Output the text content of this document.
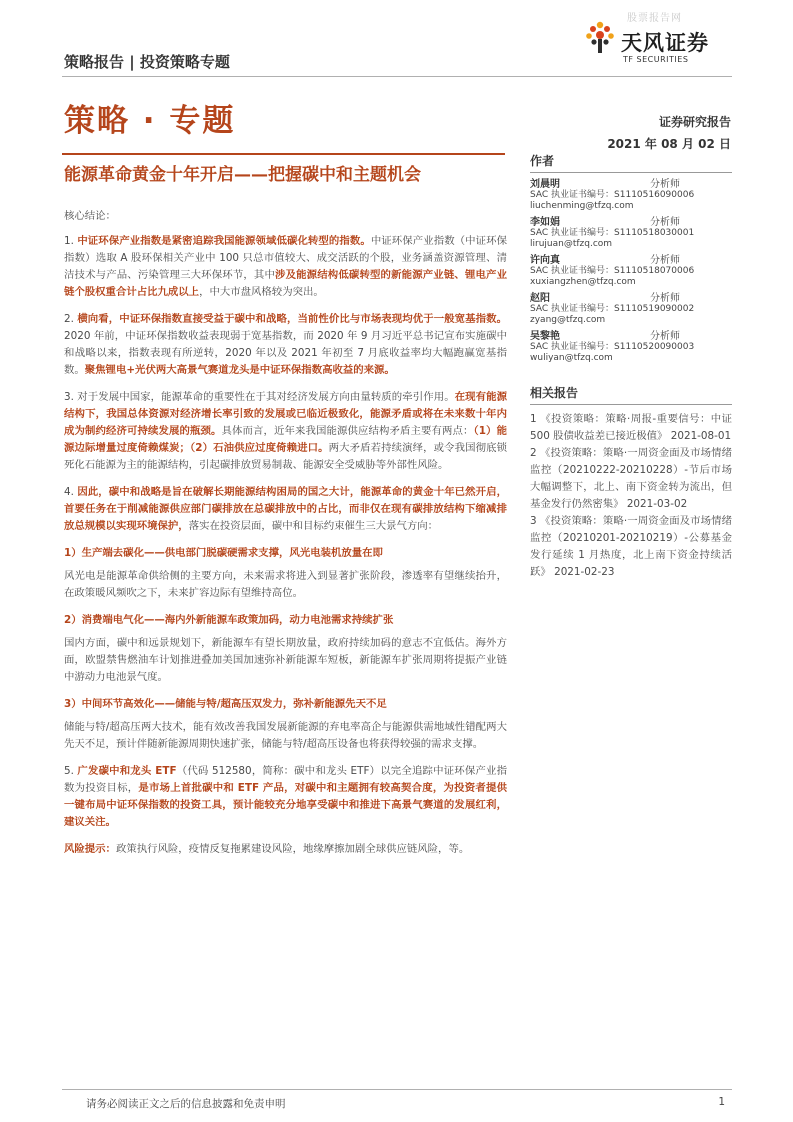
股票报告网
天风证券
TF SECURITIES
策略报告 | 投资策略专题
策略 · 专题	证券研究报告
2021 年 08 月 02 日
能源革命黄金十年开启——把握碳中和主题机会

核心结论：

1. 中证环保产业指数是紧密追踪我国能源领域低碳化转型的指数。中证环保产业指数（中证环保指数）选取 A 股环保相关产业中 100 只总市值较大、成交活跃的个股，业务涵盖资源管理、清洁技术与产品、污染管理三大环保环节，其中涉及能源结构低碳转型的新能源产业链、锂电产业链个股权重合计占比九成以上，中大市盘风格较为突出。

2. 横向看，中证环保指数直接受益于碳中和战略，当前性价比与市场表现均优于一般宽基指数。2020 年前，中证环保指数收益表现弱于宽基指数，而 2020 年 9 月习近平总书记宣布实施碳中和战略以来，指数表现有所逆转，2020 年以及 2021 年初至 7 月底收益率均大幅跑赢宽基指数。聚焦锂电+光伏两大高景气赛道龙头是中证环保指数高收益的来源。

3. 对于发展中国家，能源革命的重要性在于其对经济发展方向由量转质的牵引作用。在现有能源结构下，我国总体资源对经济增长率引致的发展或已临近极致化，能源矛盾或将在未来数十年内成为制约经济可持续发展的瓶颈。具体而言，近年来我国能源供应结构矛盾主要有两点：（1）能源边际增量过度倚赖煤炭；（2）石油供应过度倚赖进口。两大矛盾若持续演绎，或令我国彻底锁死化石能源为主的能源结构，引起碳排放贸易制裁、能源安全受威胁等外部性风险。

4. 因此，碳中和战略是旨在破解长期能源结构困局的国之大计，能源革命的黄金十年已然开启，首要任务在于削减能源供应部门碳排放在总碳排放中的占比，而非仅在现有碳排放结构下缩减排放总规模以实现环境保护，落实在投资层面，碳中和目标约束催生三大景气方向：

1）生产端去碳化——供电部门脱碳硬需求支撑，风光电装机放量在即

风光电是能源革命供给侧的主要方向，未来需求将进入到显著扩张阶段，渗透率有望继续抬升，在政策暖风频吹之下，未来扩容边际有望维持高位。

2）消费端电气化——海内外新能源车政策加码，动力电池需求持续扩张

国内方面，碳中和远景规划下，新能源车有望长期放量，政府持续加码的意志不宜低估。海外方面，欧盟禁售燃油车计划推进叠加美国加速弥补新能源车短板，新能源车扩张周期将提振产业链中游动力电池景气度。

3）中间环节高效化——储能与特/超高压双发力，弥补新能源先天不足

储能与特/超高压两大技术，能有效改善我国发展新能源的弃电率高企与能源供需地域性错配两大先天不足，预计伴随新能源周期快速扩张，储能与特/超高压设备也将获得较强的需求支撑。

5. 广发碳中和龙头 ETF（代码 512580，简称：碳中和龙头 ETF）以完全追踪中证环保产业指数为投资目标，是市场上首批碳中和 ETF 产品，对碳中和主题拥有较高契合度，为投资者提供一键布局中证环保指数的投资工具，预计能较充分地享受碳中和推进下高景气赛道的发展红利，建议关注。

风险提示：政策执行风险，疫情反复拖累建设风险，地缘摩擦加剧全球供应链风险，等。

作者
刘晨明	分析师
SAC 执业证书编号：S1110516090006
liuchenming@tfzq.com
李如娟	分析师
SAC 执业证书编号：S1110518030001
lirujuan@tfzq.com
许向真	分析师
SAC 执业证书编号：S1110518070006
xuxiangzhen@tfzq.com
赵阳	分析师
SAC 执业证书编号：S1110519090002
zyang@tfzq.com
吴黎艳	分析师
SAC 执业证书编号：S1110520090003
wuliyan@tfzq.com
相关报告
1 《投资策略：策略·周报-重要信号：中证 500 股债收益差已接近极值》 2021-08-01
2 《投资策略：策略·一周资金面及市场情绪监控（20210222-20210228）-节后市场大幅调整下，北上、南下资金转为流出，但基金发行仍然密集》 2021-03-02
3 《投资策略：策略·一周资金面及市场情绪监控（20210201-20210219）-公募基金发行延续 1 月热度，北上南下资金持续活跃》 2021-02-23
请务必阅读正文之后的信息披露和免责申明	1
